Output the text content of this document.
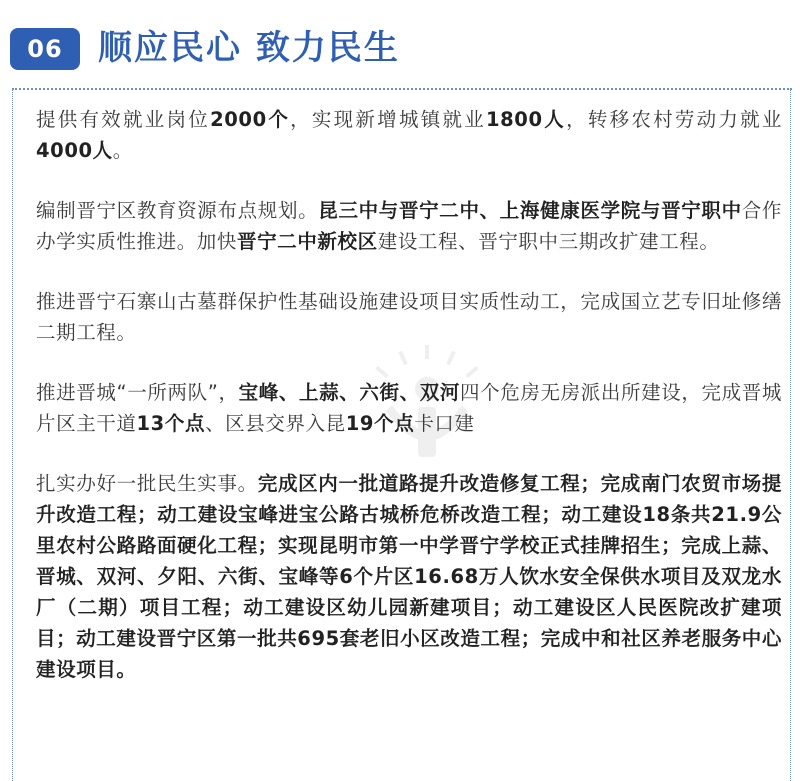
06	顺应民心 致力民生

提供有效就业岗位2000个，实现新增城镇就业1800人，转移农村劳动力就业4000人。

编制晋宁区教育资源布点规划。昆三中与晋宁二中、上海健康医学院与晋宁职中合作办学实质性推进。加快晋宁二中新校区建设工程、晋宁职中三期改扩建工程。

推进晋宁石寨山古墓群保护性基础设施建设项目实质性动工，完成国立艺专旧址修缮二期工程。

推进晋城“一所两队”，宝峰、上蒜、六街、双河四个危房无房派出所建设，完成晋城片区主干道13个点、区县交界入昆19个点卡口建

扎实办好一批民生实事。完成区内一批道路提升改造修复工程；完成南门农贸市场提升改造工程；动工建设宝峰进宝公路古城桥危桥改造工程；动工建设18条共21.9公里农村公路路面硬化工程；实现昆明市第一中学晋宁学校正式挂牌招生；完成上蒜、晋城、双河、夕阳、六街、宝峰等6个片区16.68万人饮水安全保供水项目及双龙水厂（二期）项目工程；动工建设区幼儿园新建项目；动工建设区人民医院改扩建项目；动工建设晋宁区第一批共695套老旧小区改造工程；完成中和社区养老服务中心建设项目。
